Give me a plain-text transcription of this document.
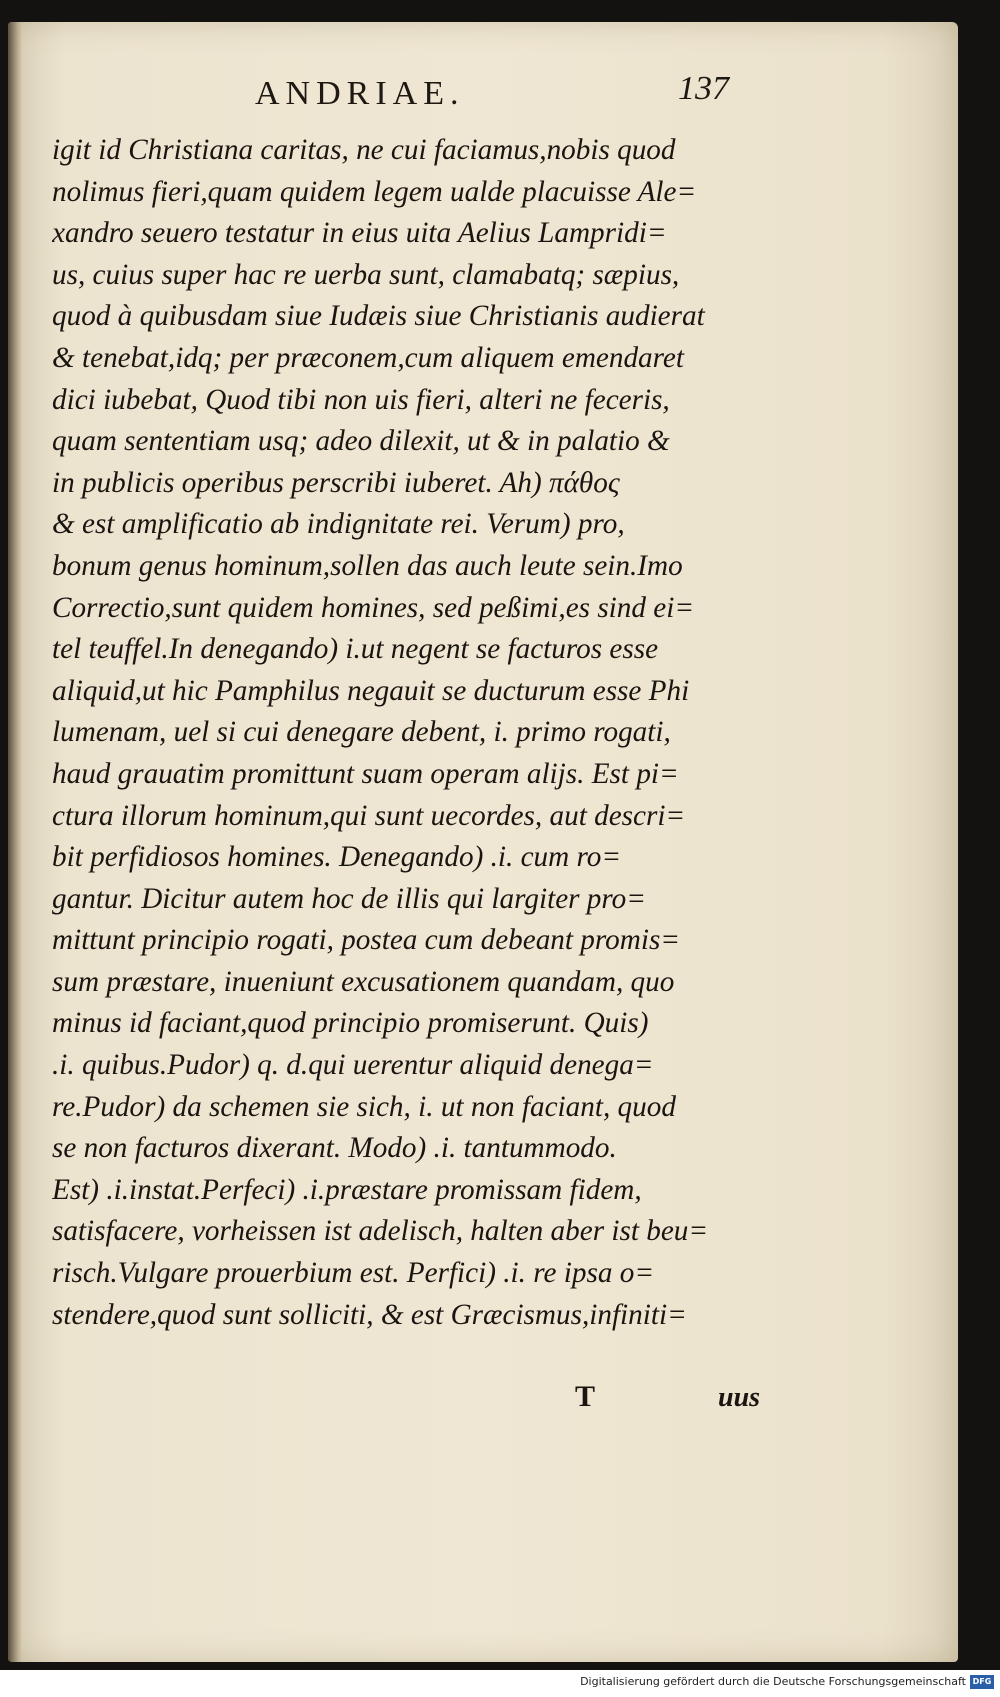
ANDRIAE.	137
igit id Christiana caritas, ne cui faciamus,nobis quod
nolimus fieri,quam quidem legem ualde placuisse Ale=
xandro seuero testatur in eius uita Aelius Lampridi=
us, cuius super hac re uerba sunt, clamabatq; sæpius,
quod à quibusdam siue Iudæis siue Christianis audierat
& tenebat,idq; per præconem,cum aliquem emendaret
dici iubebat, Quod tibi non uis fieri, alteri ne feceris,
quam sententiam usq; adeo dilexit, ut & in palatio &
in publicis operibus perscribi iuberet. Ah) πάθος
& est amplificatio ab indignitate rei. Verum) pro,
bonum genus hominum,sollen das auch leute sein.Imo
Correctio,sunt quidem homines, sed peßimi,es sind ei=
tel teuffel.In denegando) i.ut negent se facturos esse
aliquid,ut hic Pamphilus negauit se ducturum esse Phi
lumenam, uel si cui denegare debent, i. primo rogati,
haud grauatim promittunt suam operam alijs. Est pi=
ctura illorum hominum,qui sunt uecordes, aut descri=
bit perfidiosos homines. Denegando) .i. cum ro=
gantur. Dicitur autem hoc de illis qui largiter pro=
mittunt principio rogati, postea cum debeant promis=
sum præstare, inueniunt excusationem quandam, quo
minus id faciant,quod principio promiserunt. Quis)
.i. quibus.Pudor) q. d.qui uerentur aliquid denega=
re.Pudor) da schemen sie sich, i. ut non faciant, quod
se non facturos dixerant. Modo) .i. tantummodo.
Est) .i.instat.Perfeci) .i.præstare promissam fidem,
satisfacere, vorheissen ist adelisch, halten aber ist beu=
risch.Vulgare prouerbium est. Perfici) .i. re ipsa o=
stendere,quod sunt solliciti, & est Græcismus,infiniti=
T	uus
Digitalisierung gefördert durch die Deutsche Forschungsgemeinschaft DFG
